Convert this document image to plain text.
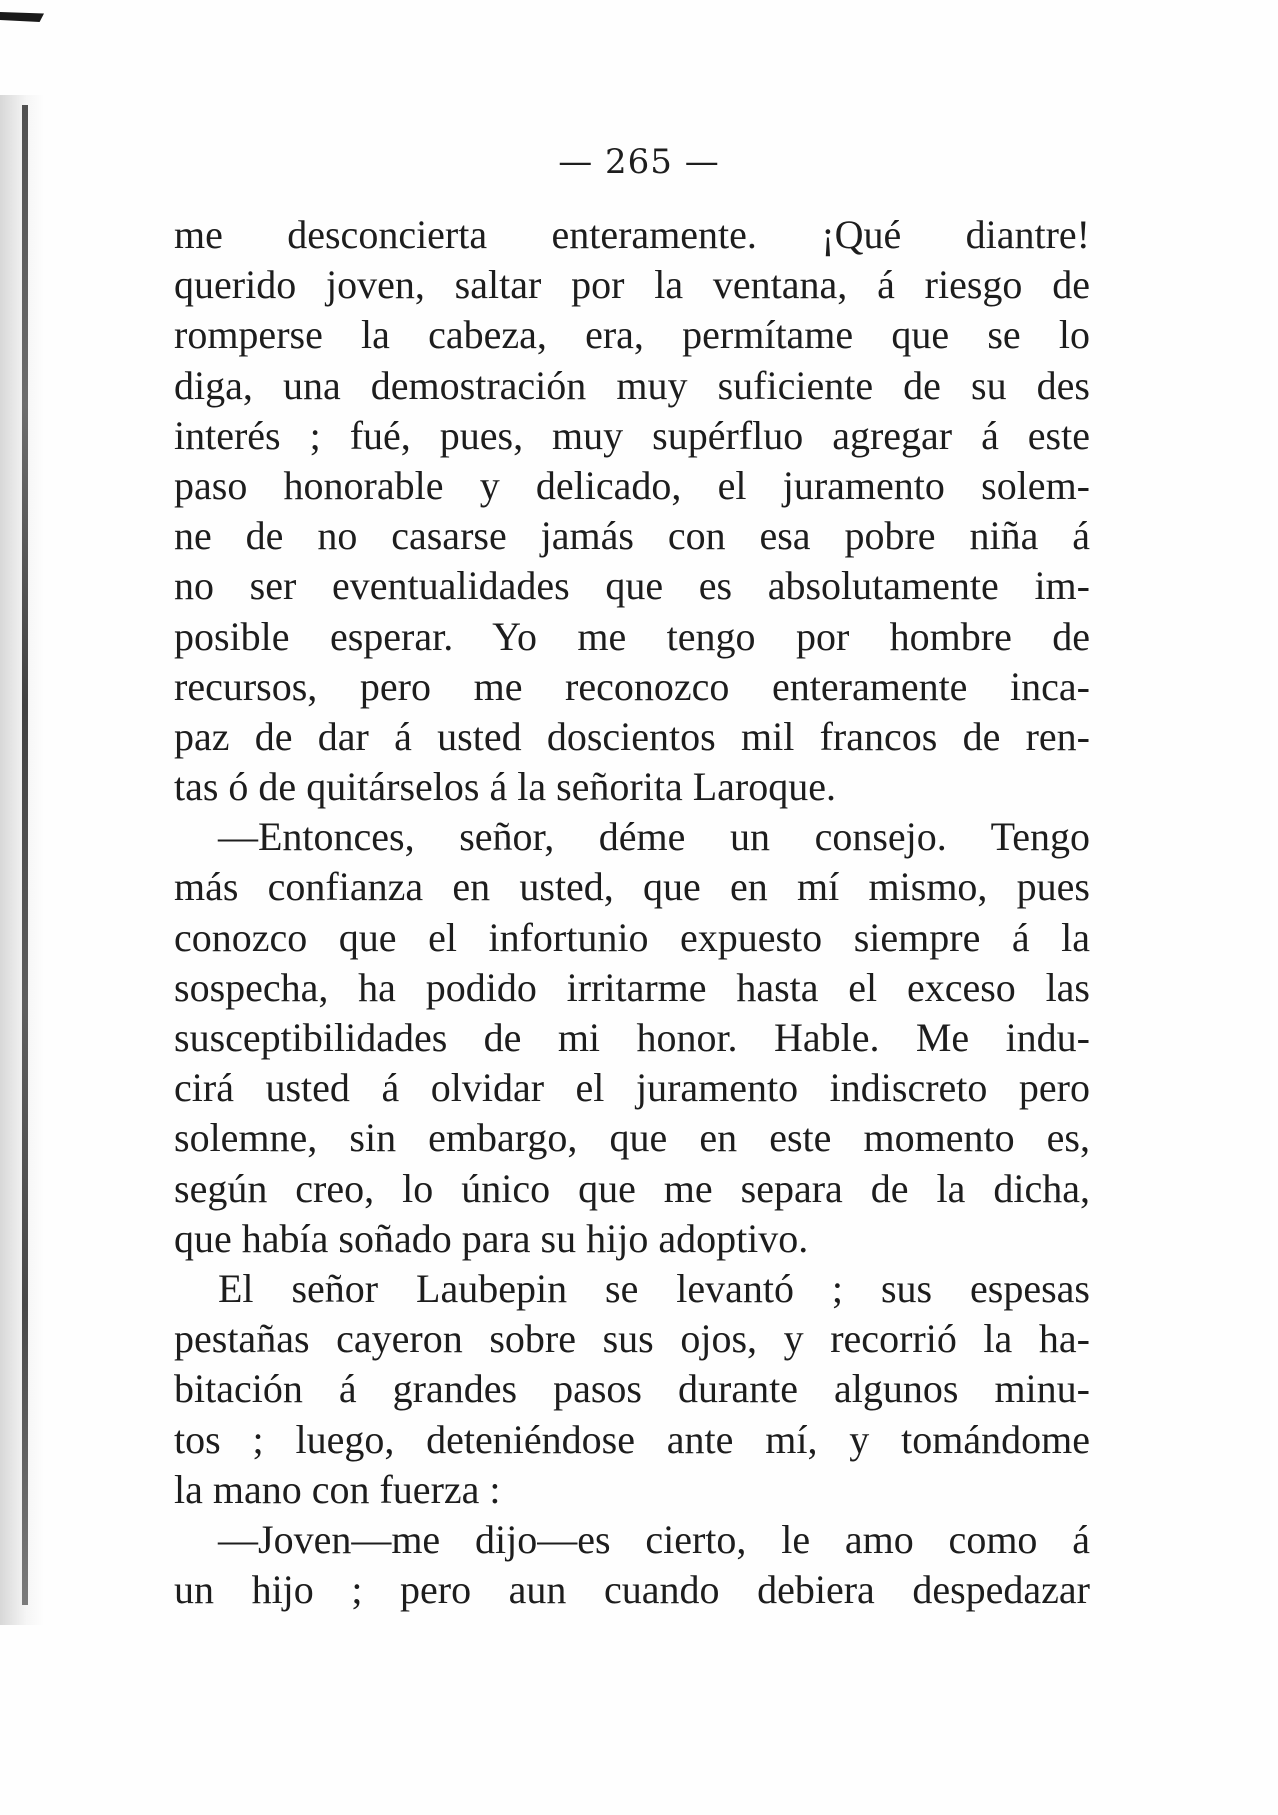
— 265 —
me desconcierta enteramente. ¡Qué diantre!
querido joven, saltar por la ventana, á riesgo de
romperse la cabeza, era, permítame que se lo
diga, una demostración muy suficiente de su des
interés ; fué, pues, muy supérfluo agregar á este
paso honorable y delicado, el juramento solem-
ne de no casarse jamás con esa pobre niña á
no ser eventualidades que es absolutamente im-
posible esperar. Yo me tengo por hombre de
recursos, pero me reconozco enteramente inca-
paz de dar á usted doscientos mil francos de ren-
tas ó de quitárselos á la señorita Laroque.
—Entonces, señor, déme un consejo. Tengo
más confianza en usted, que en mí mismo, pues
conozco que el infortunio expuesto siempre á la
sospecha, ha podido irritarme hasta el exceso las
susceptibilidades de mi honor. Hable. Me indu-
cirá usted á olvidar el juramento indiscreto pero
solemne, sin embargo, que en este momento es,
según creo, lo único que me separa de la dicha,
que había soñado para su hijo adoptivo.
El señor Laubepin se levantó ; sus espesas
pestañas cayeron sobre sus ojos, y recorrió la ha-
bitación á grandes pasos durante algunos minu-
tos ; luego, deteniéndose ante mí, y tomándome
la mano con fuerza :
—Joven—me dijo—es cierto, le amo como á
un hijo ; pero aun cuando debiera despedazar
